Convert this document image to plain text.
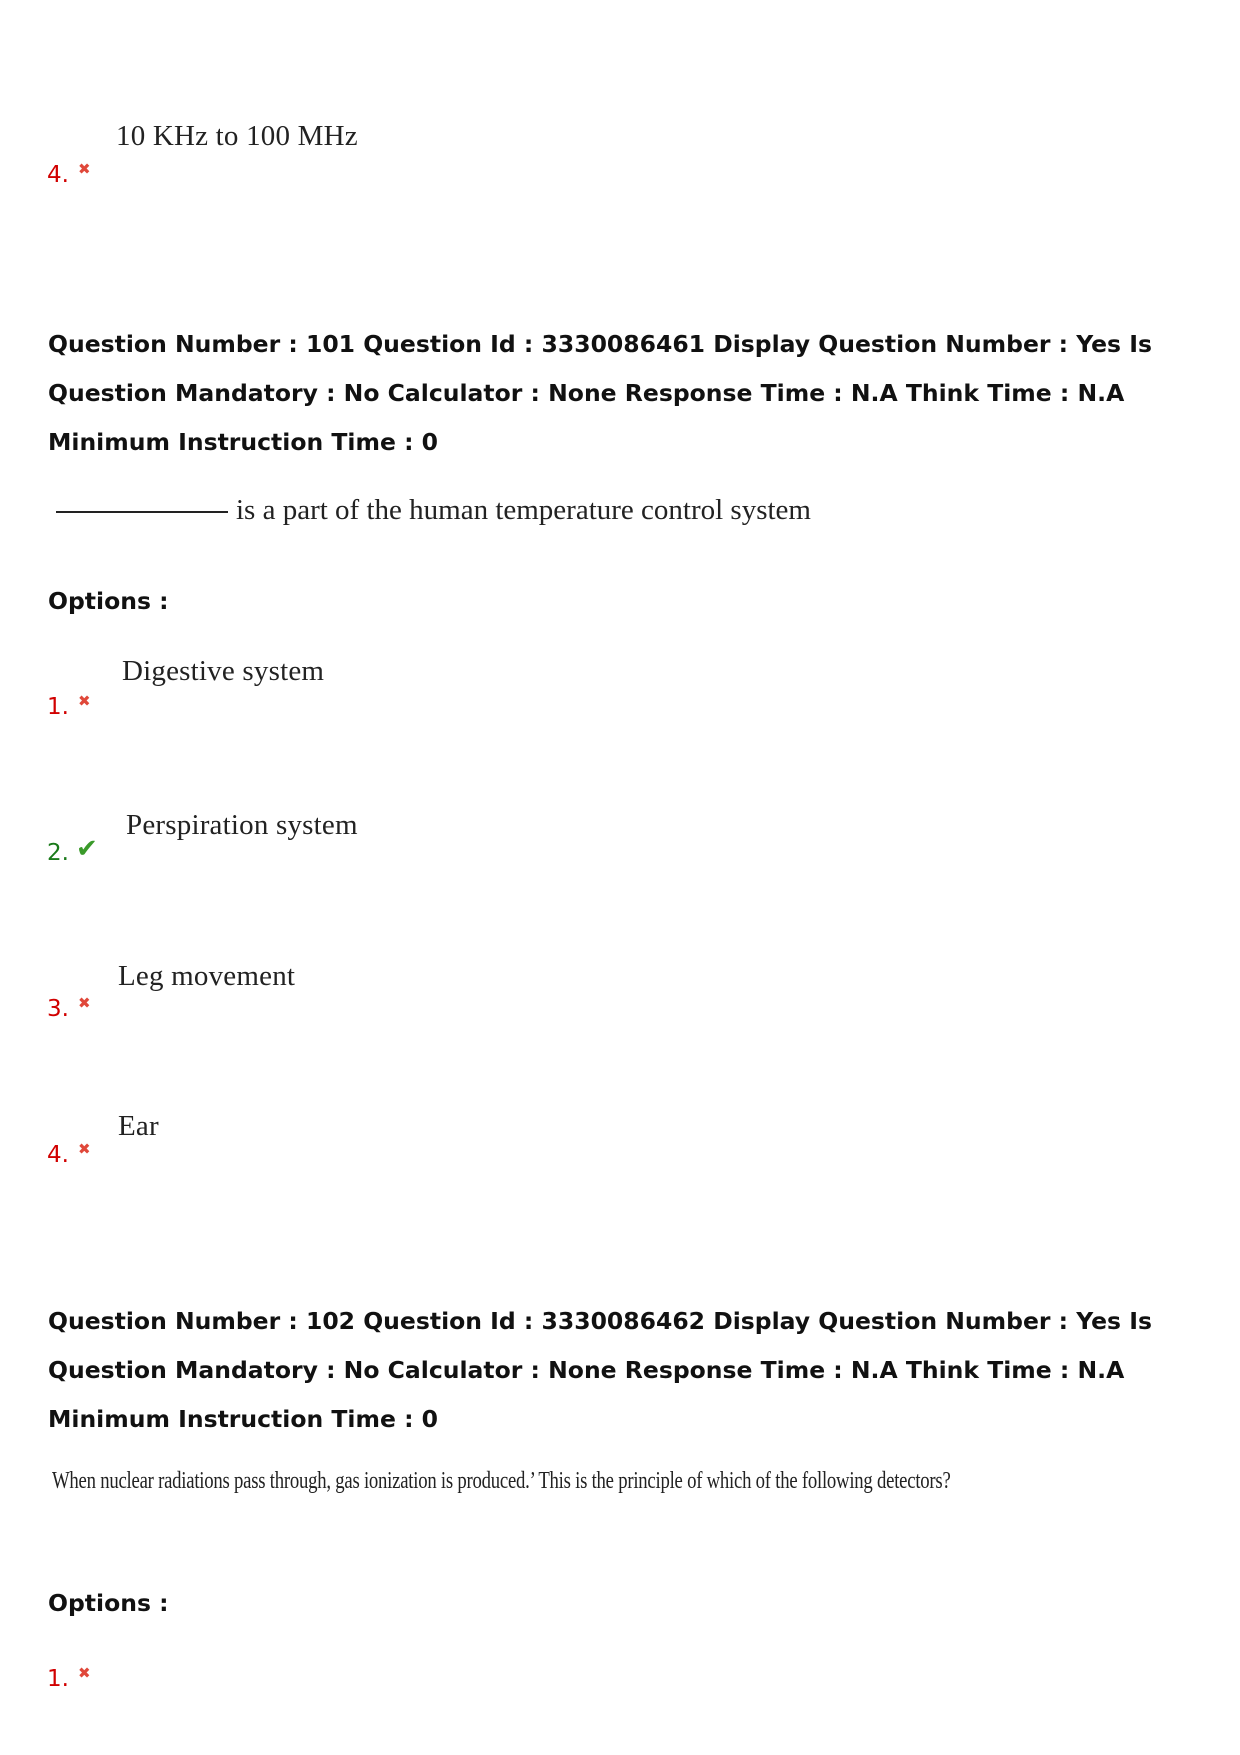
10 KHz to 100 MHz
4. ✖
Question Number : 101 Question Id : 3330086461 Display Question Number : Yes Is Question Mandatory : No Calculator : None Response Time : N.A Think Time : N.A Minimum Instruction Time : 0
is a part of the human temperature control system
Options :
Digestive system
1. ✖
Perspiration system
2. ✔
Leg movement
3. ✖
Ear
4. ✖
Question Number : 102 Question Id : 3330086462 Display Question Number : Yes Is Question Mandatory : No Calculator : None Response Time : N.A Think Time : N.A Minimum Instruction Time : 0
When nuclear radiations pass through, gas ionization is produced.’ This is the principle of which of the following detectors?
Options :
1. ✖
